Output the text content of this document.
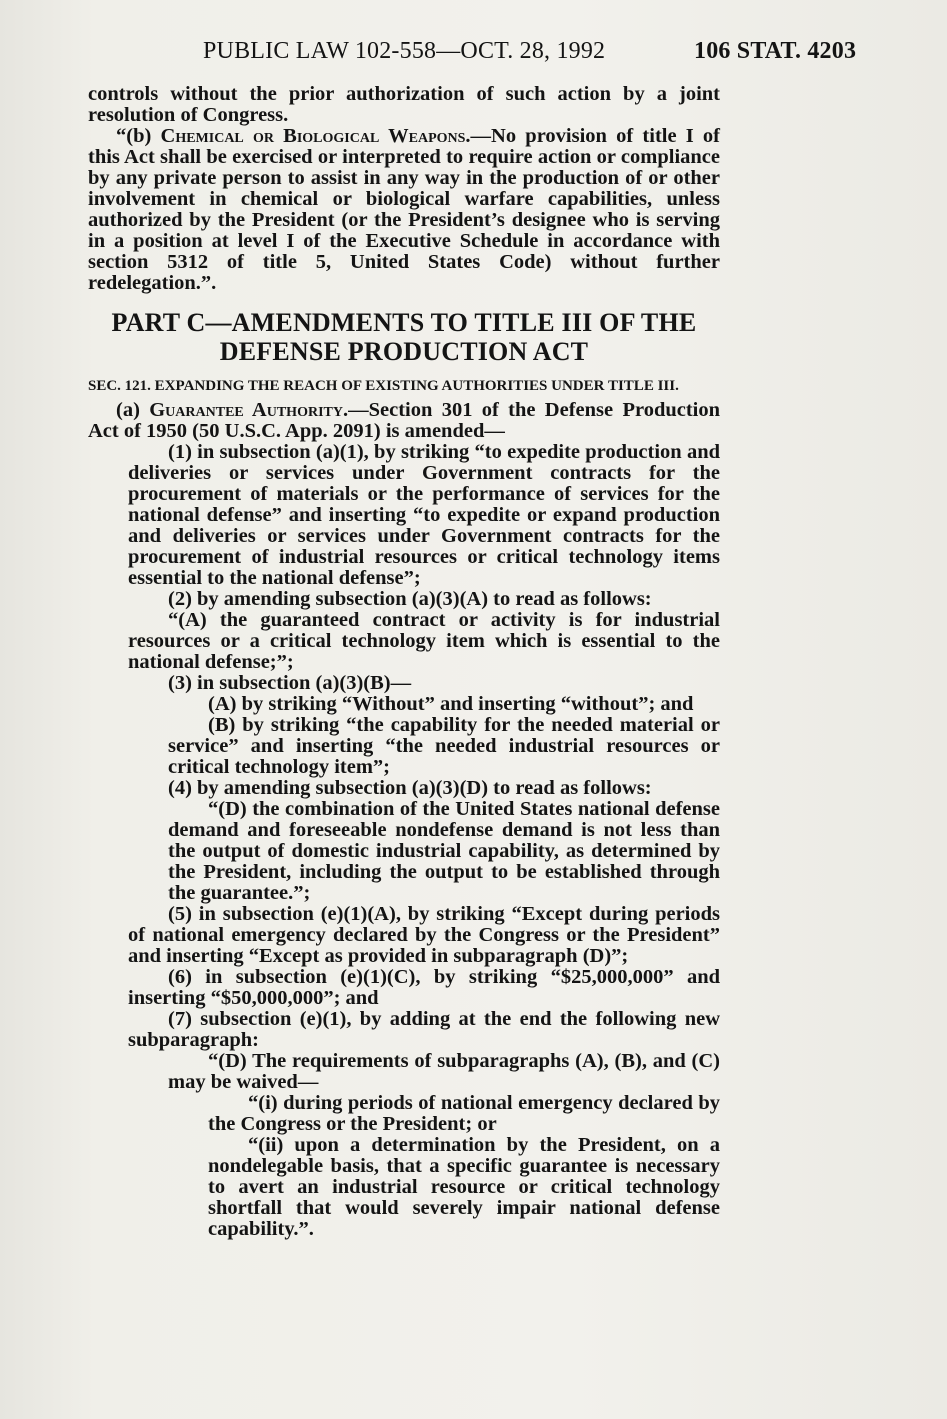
PUBLIC LAW 102-558—OCT. 28, 1992	106 STAT. 4203

controls without the prior authorization of such action by a joint resolution of Congress.

“(b) Chemical or Biological Weapons.—No provision of title I of this Act shall be exercised or interpreted to require action or compliance by any private person to assist in any way in the production of or other involvement in chemical or biological warfare capabilities, unless authorized by the President (or the President’s designee who is serving in a position at level I of the Executive Schedule in accordance with section 5312 of title 5, United States Code) without further redelegation.”.

PART C—AMENDMENTS TO TITLE III OF THE
DEFENSE PRODUCTION ACT
SEC. 121. EXPANDING THE REACH OF EXISTING AUTHORITIES UNDER TITLE III.

(a) Guarantee Authority.—Section 301 of the Defense Production Act of 1950 (50 U.S.C. App. 2091) is amended—

(1) in subsection (a)(1), by striking “to expedite production and deliveries or services under Government contracts for the procurement of materials or the performance of services for the national defense” and inserting “to expedite or expand production and deliveries or services under Government contracts for the procurement of industrial resources or critical technology items essential to the national defense”;

(2) by amending subsection (a)(3)(A) to read as follows:

“(A) the guaranteed contract or activity is for industrial resources or a critical technology item which is essential to the national defense;”;

(3) in subsection (a)(3)(B)—

(A) by striking “Without” and inserting “without”; and

(B) by striking “the capability for the needed material or service” and inserting “the needed industrial resources or critical technology item”;

(4) by amending subsection (a)(3)(D) to read as follows:

“(D) the combination of the United States national defense demand and foreseeable nondefense demand is not less than the output of domestic industrial capability, as determined by the President, including the output to be established through the guarantee.”;

(5) in subsection (e)(1)(A), by striking “Except during periods of national emergency declared by the Congress or the President” and inserting “Except as provided in subparagraph (D)”;

(6) in subsection (e)(1)(C), by striking “$25,000,000” and inserting “$50,000,000”; and

(7) subsection (e)(1), by adding at the end the following new subparagraph:

“(D) The requirements of subparagraphs (A), (B), and (C) may be waived—

“(i) during periods of national emergency declared by the Congress or the President; or

“(ii) upon a determination by the President, on a nondelegable basis, that a specific guarantee is necessary to avert an industrial resource or critical technology shortfall that would severely impair national defense capability.”.
